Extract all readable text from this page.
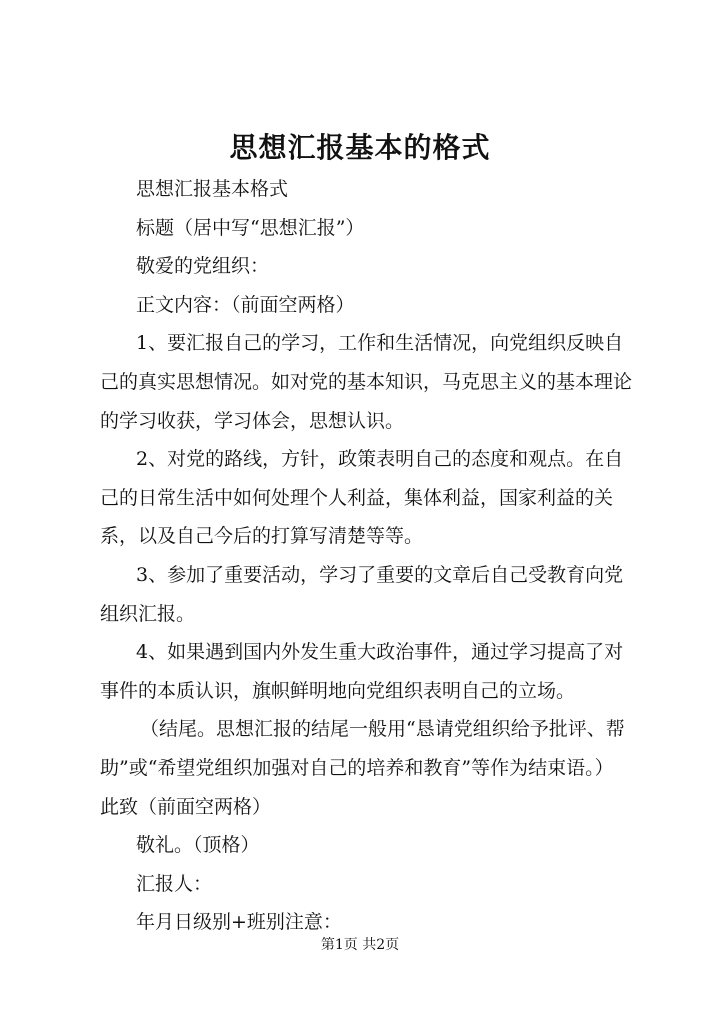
思想汇报基本的格式

思想汇报基本格式

标题（居中写“思想汇报”）

敬爱的党组织：

正文内容：（前面空两格）

1、要汇报自己的学习，工作和生活情况，向党组织反映自己的真实思想情况。如对党的基本知识，马克思主义的基本理论的学习收获，学习体会，思想认识。

2、对党的路线，方针，政策表明自己的态度和观点。在自己的日常生活中如何处理个人利益，集体利益，国家利益的关系，以及自己今后的打算写清楚等等。

3、参加了重要活动，学习了重要的文章后自己受教育向党组织汇报。

4、如果遇到国内外发生重大政治事件，通过学习提高了对事件的本质认识，旗帜鲜明地向党组织表明自己的立场。

（结尾。思想汇报的结尾一般用“恳请党组织给予批评、帮助”或“希望党组织加强对自己的培养和教育”等作为结束语。）

此致（前面空两格）

敬礼。（顶格）

汇报人：

年月日级别+班别注意：

第1页 共2页
